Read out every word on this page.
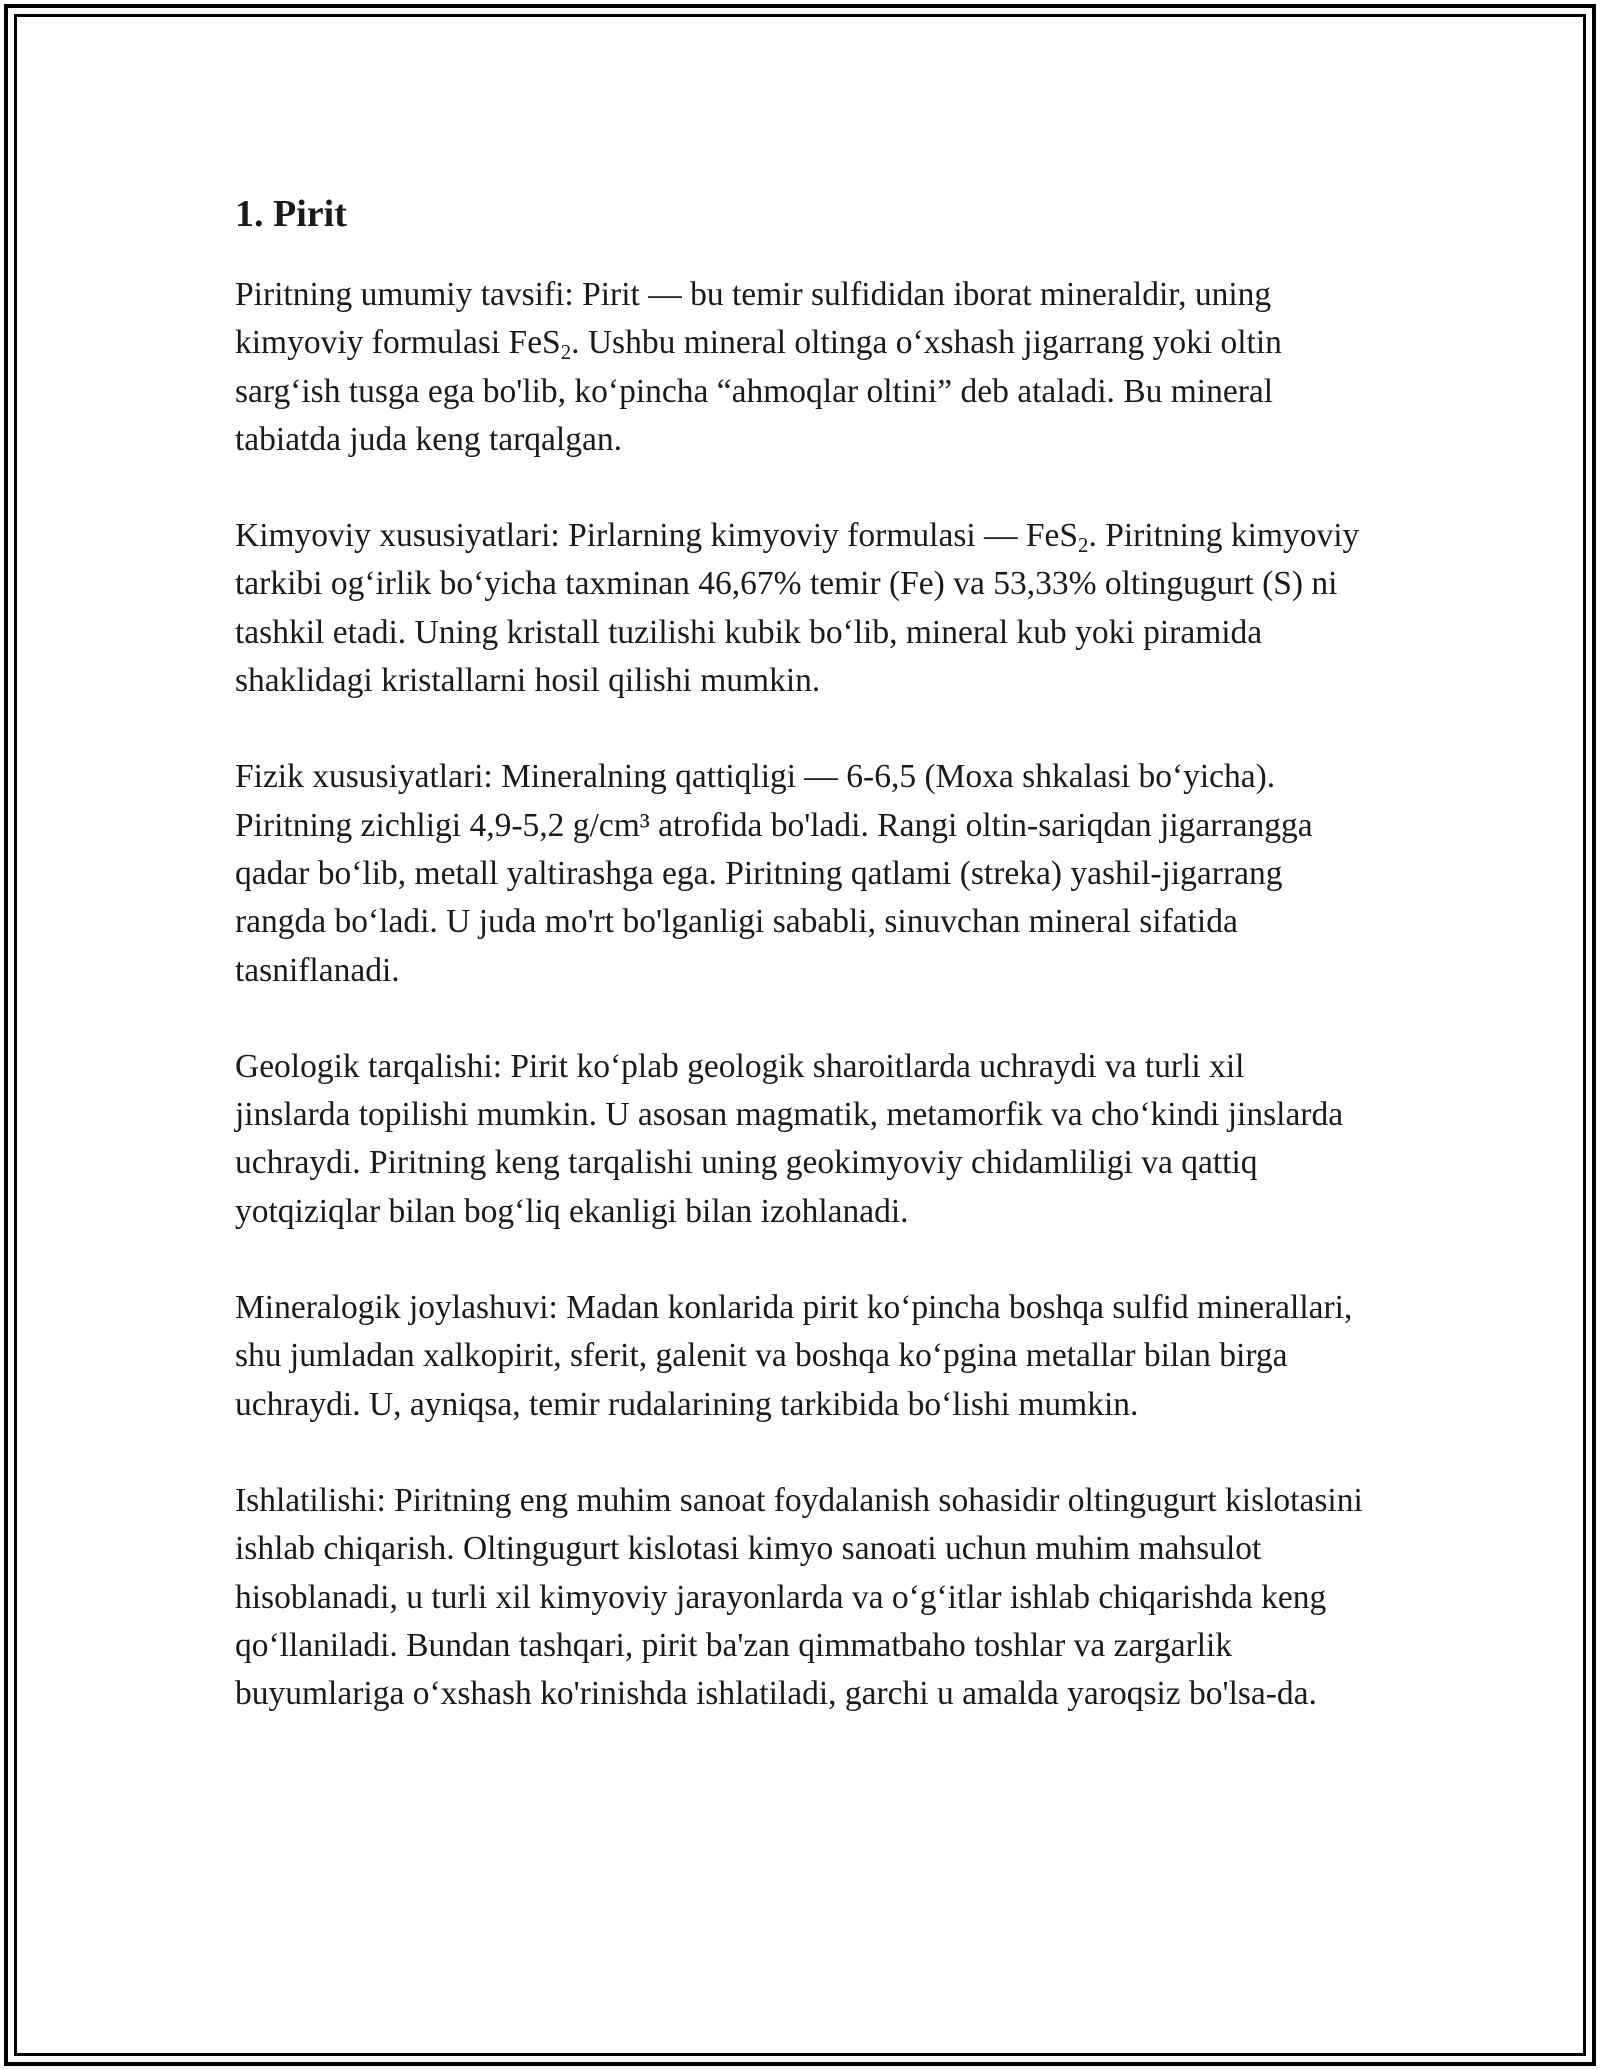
1. Pirit

Piritning umumiy tavsifi: Pirit — bu temir sulfididan iborat mineraldir, uning kimyoviy formulasi FeS$_2$. Ushbu mineral oltinga o‘xshash jigarrang yoki oltin sarg‘ish tusga ega bo'lib, ko‘pincha “ahmoqlar oltini” deb ataladi. Bu mineral tabiatda juda keng tarqalgan.

Kimyoviy xususiyatlari: Pirlarning kimyoviy formulasi — FeS$_2$. Piritning kimyoviy tarkibi og‘irlik bo‘yicha taxminan 46,67% temir (Fe) va 53,33% oltingugurt (S) ni tashkil etadi. Uning kristall tuzilishi kubik bo‘lib, mineral kub yoki piramida shaklidagi kristallarni hosil qilishi mumkin.

Fizik xususiyatlari: Mineralning qattiqligi — 6-6,5 (Moxa shkalasi bo‘yicha). Piritning zichligi 4,9-5,2 g/cm³ atrofida bo'ladi. Rangi oltin-sariqdan jigarrangga qadar bo‘lib, metall yaltirashga ega. Piritning qatlami (streka) yashil-jigarrang rangda bo‘ladi. U juda mo'rt bo'lganligi sababli, sinuvchan mineral sifatida tasniflanadi.

Geologik tarqalishi: Pirit ko‘plab geologik sharoitlarda uchraydi va turli xil jinslarda topilishi mumkin. U asosan magmatik, metamorfik va cho‘kindi jinslarda uchraydi. Piritning keng tarqalishi uning geokimyoviy chidamliligi va qattiq yotqiziqlar bilan bog‘liq ekanligi bilan izohlanadi.

Mineralogik joylashuvi: Madan konlarida pirit ko‘pincha boshqa sulfid minerallari, shu jumladan xalkopirit, sferit, galenit va boshqa ko‘pgina metallar bilan birga uchraydi. U, ayniqsa, temir rudalarining tarkibida bo‘lishi mumkin.

Ishlatilishi: Piritning eng muhim sanoat foydalanish sohasidir oltingugurt kislotasini ishlab chiqarish. Oltingugurt kislotasi kimyo sanoati uchun muhim mahsulot hisoblanadi, u turli xil kimyoviy jarayonlarda va o‘g‘itlar ishlab chiqarishda keng qo‘llaniladi. Bundan tashqari, pirit ba'zan qimmatbaho toshlar va zargarlik buyumlariga o‘xshash ko'rinishda ishlatiladi, garchi u amalda yaroqsiz bo'lsa-da.
